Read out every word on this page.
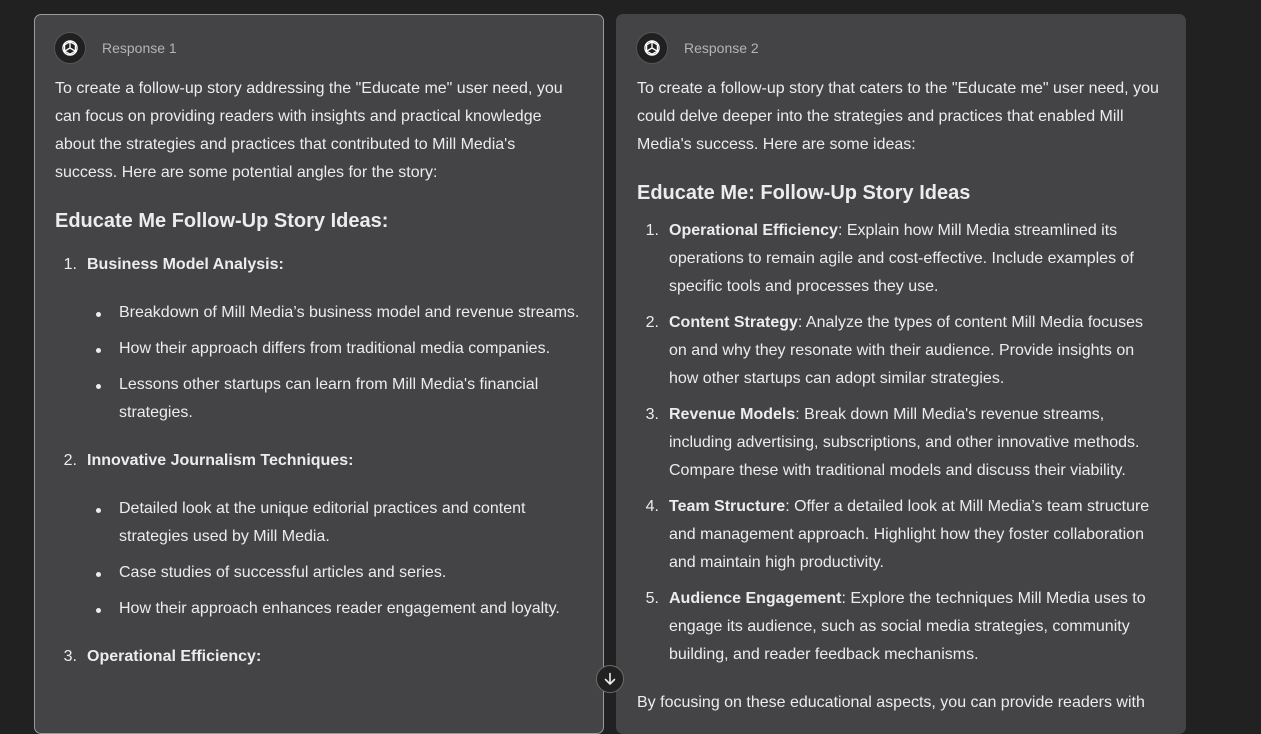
Response 1

To create a follow-up story addressing the "Educate me" user need, you can focus on providing readers with insights and practical knowledge about the strategies and practices that contributed to Mill Media's success. Here are some potential angles for the story:

Educate Me Follow-Up Story Ideas:
1. Business Model Analysis:
Breakdown of Mill Media’s business model and revenue streams.
How their approach differs from traditional media companies.
Lessons other startups can learn from Mill Media's financial strategies.
2. Innovative Journalism Techniques:
Detailed look at the unique editorial practices and content strategies used by Mill Media.
Case studies of successful articles and series.
How their approach enhances reader engagement and loyalty.
3. Operational Efficiency:
Response 2

To create a follow-up story that caters to the "Educate me" user need, you could delve deeper into the strategies and practices that enabled Mill Media's success. Here are some ideas:

Educate Me: Follow-Up Story Ideas
1. Operational Efficiency: Explain how Mill Media streamlined its operations to remain agile and cost-effective. Include examples of specific tools and processes they use.
2. Content Strategy: Analyze the types of content Mill Media focuses on and why they resonate with their audience. Provide insights on how other startups can adopt similar strategies.
3. Revenue Models: Break down Mill Media's revenue streams, including advertising, subscriptions, and other innovative methods. Compare these with traditional models and discuss their viability.
4. Team Structure: Offer a detailed look at Mill Media’s team structure and management approach. Highlight how they foster collaboration and maintain high productivity.
5. Audience Engagement: Explore the techniques Mill Media uses to engage its audience, such as social media strategies, community building, and reader feedback mechanisms.

By focusing on these educational aspects, you can provide readers with
